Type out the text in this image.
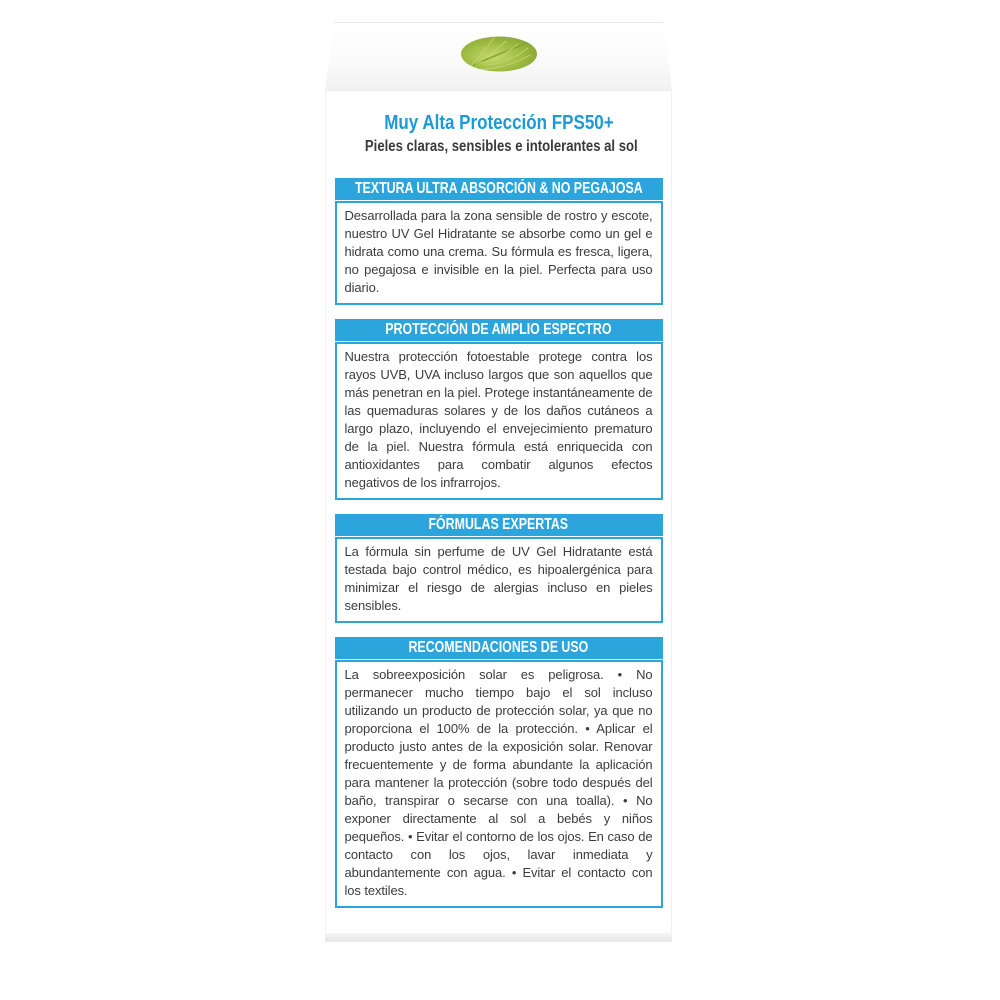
Muy Alta Protección FPS50+
Pieles claras, sensibles e intolerantes al sol
TEXTURA ULTRA ABSORCIÓN & NO PEGAJOSA
Desarrollada para la zona sensible de rostro y escote, nuestro UV Gel Hidratante se absorbe como un gel e hidrata como una crema. Su fórmula es fresca, ligera, no pegajosa e invisible en la piel. Perfecta para uso diario.
PROTECCIÓN DE AMPLIO ESPECTRO
Nuestra protección fotoestable protege contra los rayos UVB, UVA incluso largos que son aquellos que más penetran en la piel. Protege instantáneamente de las quemaduras solares y de los daños cutáneos a largo plazo, incluyendo el envejecimiento prematuro de la piel. Nuestra fórmula está enriquecida con antioxidantes para combatir algunos efectos negativos de los infrarrojos.
FÓRMULAS EXPERTAS
La fórmula sin perfume de UV Gel Hidratante está testada bajo control médico, es hipoalergénica para minimizar el riesgo de alergias incluso en pieles sensibles.
RECOMENDACIONES DE USO
La sobreexposición solar es peligrosa. • No permanecer mucho tiempo bajo el sol incluso utilizando un producto de protección solar, ya que no proporciona el 100% de la protección. • Aplicar el producto justo antes de la exposición solar. Renovar frecuentemente y de forma abundante la aplicación para mantener la protección (sobre todo después del baño, transpirar o secarse con una toalla). • No exponer directamente al sol a bebés y niños pequeños. • Evitar el contorno de los ojos. En caso de contacto con los ojos, lavar inmediata y abundantemente con agua. • Evitar el contacto con los textiles.
